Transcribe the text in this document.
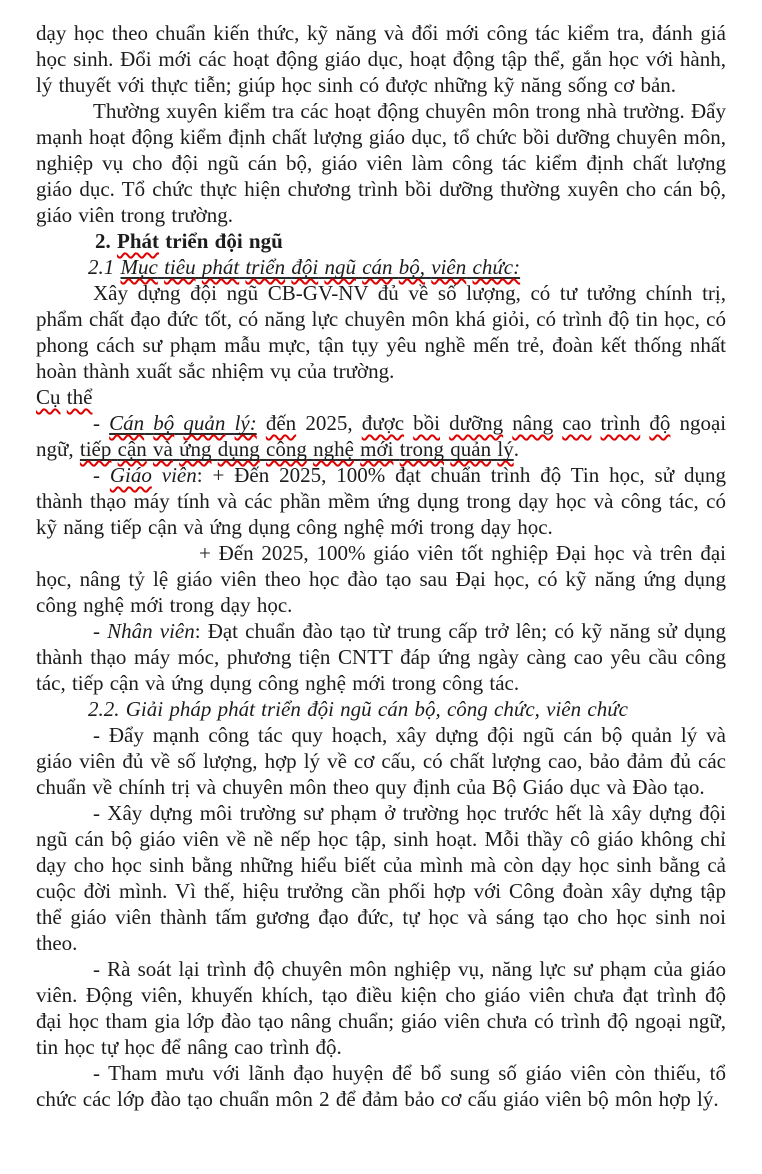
dạy học theo chuẩn kiến thức, kỹ năng và đổi mới công tác kiểm tra, đánh giá học sinh. Đổi mới các hoạt động giáo dục, hoạt động tập thể, gắn học với hành, lý thuyết với thực tiễn; giúp học sinh có được những kỹ năng sống cơ bản.

Thường xuyên kiểm tra các hoạt động chuyên môn trong nhà trường. Đẩy mạnh hoạt động kiểm định chất lượng giáo dục, tổ chức bồi dưỡng chuyên môn, nghiệp vụ cho đội ngũ cán bộ, giáo viên làm công tác kiểm định chất lượng giáo dục. Tổ chức thực hiện chương trình bồi dưỡng thường xuyên cho cán bộ, giáo viên trong trường.

2. Phát triển đội ngũ

2.1 Mục tiêu phát triển đội ngũ cán bộ, viên chức:

Xây dựng đội ngũ CB-GV-NV đủ về số lượng, có tư tưởng chính trị, phẩm chất đạo đức tốt, có năng lực chuyên môn khá giỏi, có trình độ tin học, có phong cách sư phạm mẫu mực, tận tụy yêu nghề mến trẻ, đoàn kết thống nhất hoàn thành xuất sắc nhiệm vụ của trường.

Cụ thể

- Cán bộ quản lý: đến 2025, được bồi dưỡng nâng cao trình độ ngoại ngữ, tiếp cận và ứng dụng công nghệ mới trong quản lý.

- Giáo viên: + Đến 2025, 100% đạt chuẩn trình độ Tin học, sử dụng thành thạo máy tính và các phần mềm ứng dụng trong dạy học và công tác, có kỹ năng tiếp cận và ứng dụng công nghệ mới trong dạy học.

+ Đến 2025, 100% giáo viên tốt nghiệp Đại học và trên đại học, nâng tỷ lệ giáo viên theo học đào tạo sau Đại học, có kỹ năng ứng dụng công nghệ mới trong dạy học.

- Nhân viên: Đạt chuẩn đào tạo từ trung cấp trở lên; có kỹ năng sử dụng thành thạo máy móc, phương tiện CNTT đáp ứng ngày càng cao yêu cầu công tác, tiếp cận và ứng dụng công nghệ mới trong công tác.

2.2. Giải pháp phát triển đội ngũ cán bộ, công chức, viên chức

- Đẩy mạnh công tác quy hoạch, xây dựng đội ngũ cán bộ quản lý và giáo viên đủ về số lượng, hợp lý về cơ cấu, có chất lượng cao, bảo đảm đủ các chuẩn về chính trị và chuyên môn theo quy định của Bộ Giáo dục và Đào tạo.

- Xây dựng môi trường sư phạm ở trường học trước hết là xây dựng đội ngũ cán bộ giáo viên về nề nếp học tập, sinh hoạt. Mỗi thầy cô giáo không chỉ dạy cho học sinh bằng những hiểu biết của mình mà còn dạy học sinh bằng cả cuộc đời mình. Vì thế, hiệu trưởng cần phối hợp với Công đoàn xây dựng tập thể giáo viên thành tấm gương đạo đức, tự học và sáng tạo cho học sinh noi theo.

- Rà soát lại trình độ chuyên môn nghiệp vụ, năng lực sư phạm của giáo viên. Động viên, khuyến khích, tạo điều kiện cho giáo viên chưa đạt trình độ đại học tham gia lớp đào tạo nâng chuẩn; giáo viên chưa có trình độ ngoại ngữ, tin học tự học để nâng cao trình độ.

- Tham mưu với lãnh đạo huyện để bổ sung số giáo viên còn thiếu, tổ chức các lớp đào tạo chuẩn môn 2 để đảm bảo cơ cấu giáo viên bộ môn hợp lý.
